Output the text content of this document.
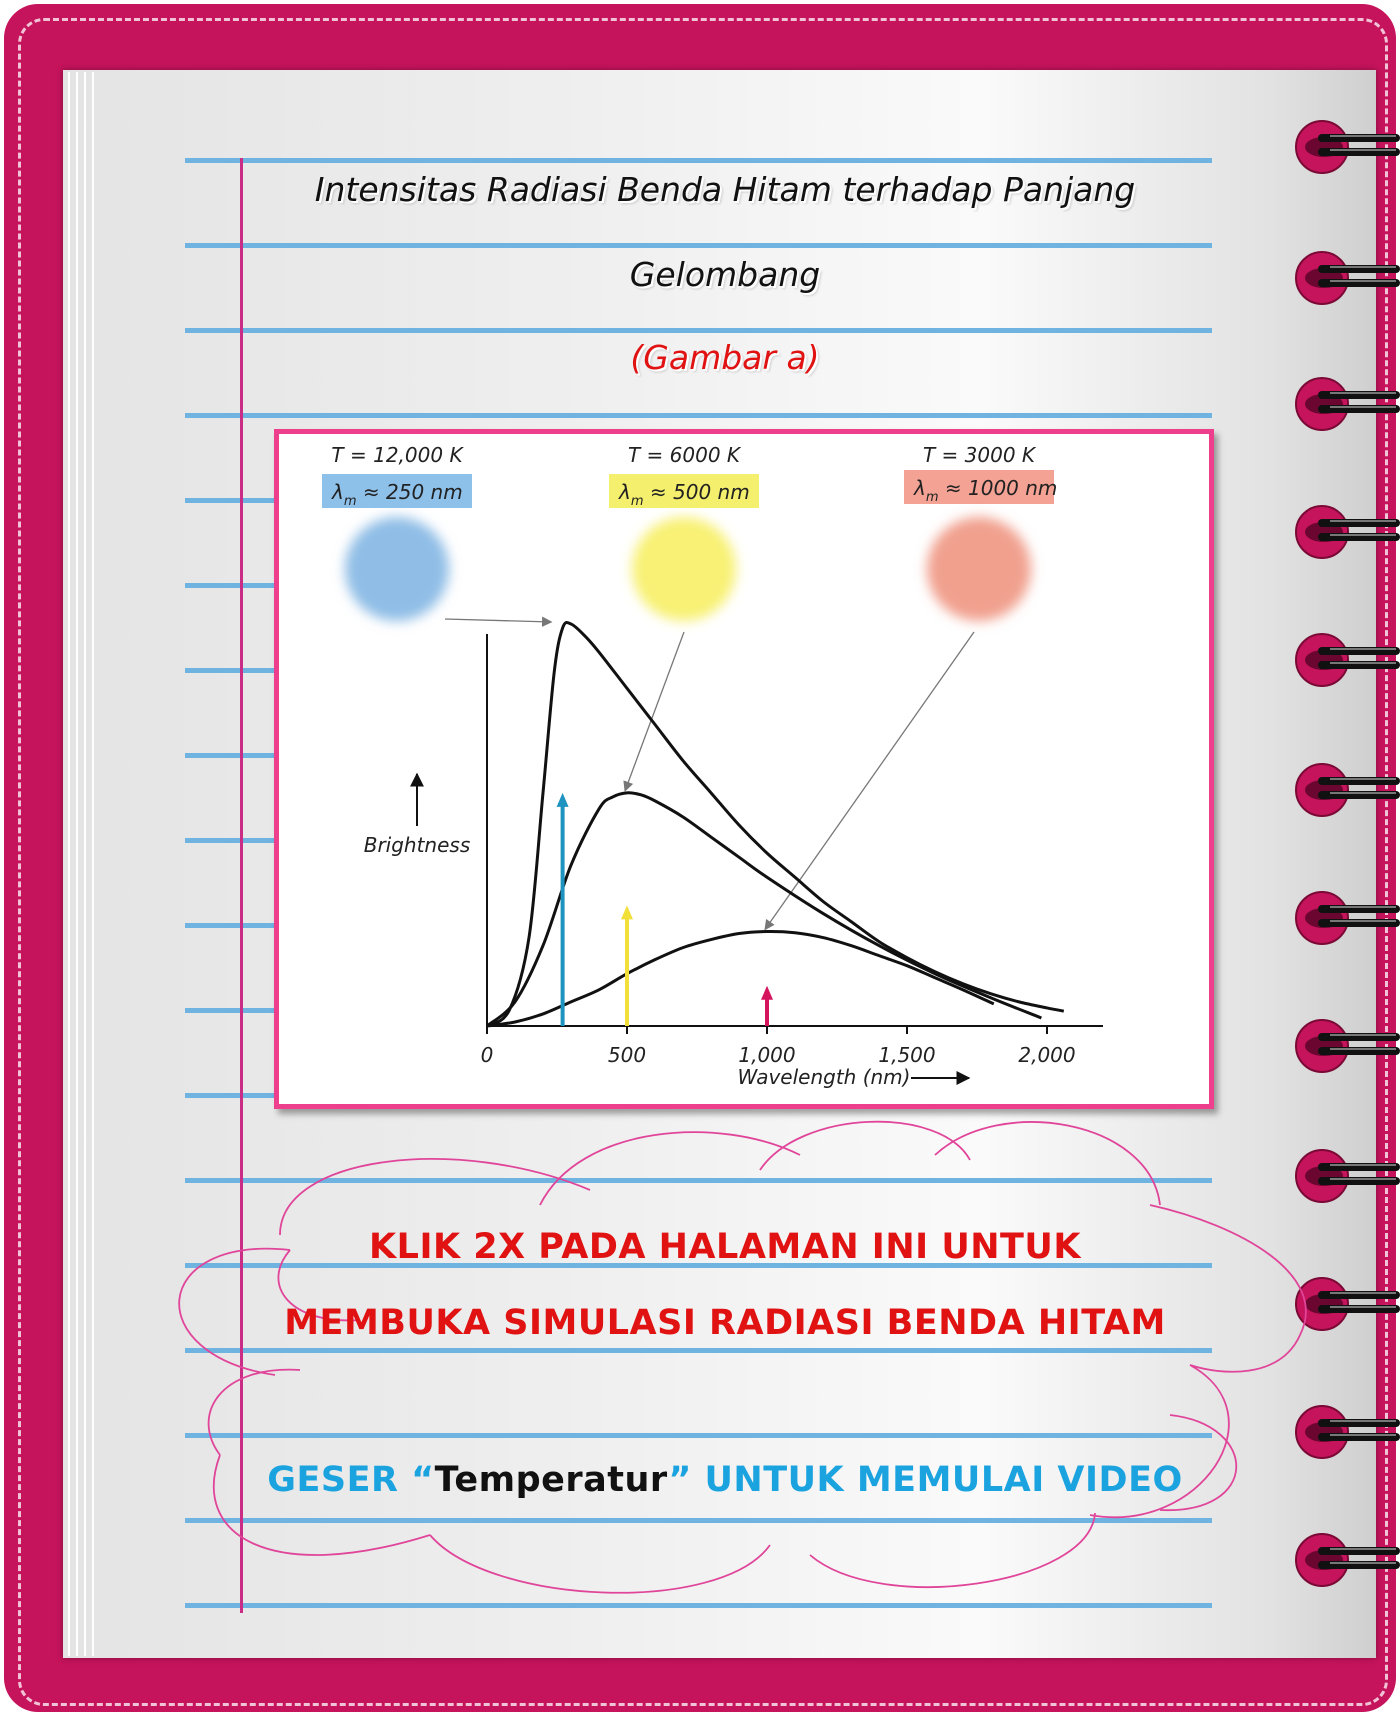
Intensitas Radiasi Benda Hitam terhadap Panjang
Gelombang
(Gambar a)
T = 12,000 K
$\lambda_m \approx 250$ nm
T = 6000 K
$\lambda_m \approx 500$ nm
T = 3000 K
$\lambda_m \approx 1000$ nm
0	500	1,000	1,500	2,000
Brightness
Wavelength (nm)
KLIK 2X PADA HALAMAN INI UNTUK
MEMBUKA SIMULASI RADIASI BENDA HITAM
GESER “Temperatur” UNTUK MEMULAI VIDEO
